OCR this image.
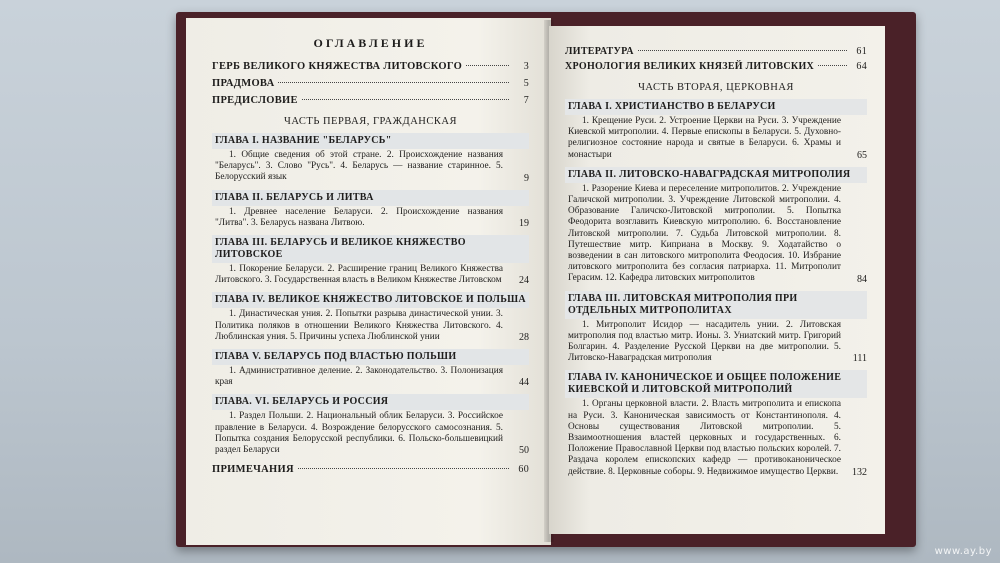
ОГЛАВЛЕНИЕ
ГЕРБ ВЕЛИКОГО КНЯЖЕСТВА ЛИТОВСКОГО	3
ПРАДМОВА	5
ПРЕДИСЛОВИЕ	7
ЧАСТЬ ПЕРВАЯ, ГРАЖДАНСКАЯ
ГЛАВА I. НАЗВАНИЕ "БЕЛАРУСЬ"
1. Общие сведения об этой стране. 2. Происхождение названия "Беларусь". 3. Слово "Русь". 4. Беларусь — название старинное. 5. Белорусский язык	9
ГЛАВА II. БЕЛАРУСЬ И ЛИТВА
1. Древнее население Беларуси. 2. Происхождение названия "Литва". 3. Беларусь названа Литвою.	19
ГЛАВА III. БЕЛАРУСЬ И ВЕЛИКОЕ КНЯЖЕСТВО ЛИТОВСКОЕ
1. Покорение Беларуси. 2. Расширение границ Великого Княжества Литовского. 3. Государственная власть в Великом Княжестве Литовском	24
ГЛАВА IV. ВЕЛИКОЕ КНЯЖЕСТВО ЛИТОВСКОЕ И ПОЛЬША
1. Династическая уния. 2. Попытки разрыва династической унии. 3. Политика поляков в отношении Великого Княжества Литовского. 4. Люблинская уния. 5. Причины успеха Люблинской унии	28
ГЛАВА V. БЕЛАРУСЬ ПОД ВЛАСТЬЮ ПОЛЬШИ
1. Административное деление. 2. Законодательство. 3. Полонизация края	44
ГЛАВА. VI. БЕЛАРУСЬ И РОССИЯ
1. Раздел Польши. 2. Национальный облик Беларуси. 3. Российское правление в Беларуси. 4. Возрождение белорусского самосознания. 5. Попытка создания Белорусской республики. 6. Польско-большевицкий раздел Беларуси	50
ПРИМЕЧАНИЯ	60
ЛИТЕРАТУРА	61
ХРОНОЛОГИЯ ВЕЛИКИХ КНЯЗЕЙ ЛИТОВСКИХ	64
ЧАСТЬ ВТОРАЯ, ЦЕРКОВНАЯ
ГЛАВА I. ХРИСТИАНСТВО В БЕЛАРУСИ
1. Крещение Руси. 2. Устроение Церкви на Руси. 3. Учреждение Киевской митрополии. 4. Первые епископы в Беларуси. 5. Духовно-религиозное состояние народа и святые в Беларуси. 6. Храмы и монастыри	65
ГЛАВА II. ЛИТОВСКО-НАВАГРАДСКАЯ МИТРОПОЛИЯ
1. Разорение Киева и переселение митрополитов. 2. Учреждение Галичской митрополии. 3. Учреждение Литовской митрополии. 4. Образование Галичско-Литовской митрополии. 5. Попытка Феодорита возглавить Киевскую митрополию. 6. Восстановление Литовской митрополии. 7. Судьба Литовской митрополии. 8. Путешествие митр. Киприана в Москву. 9. Ходатайство о возведении в сан литовского митрополита Феодосия. 10. Избрание литовского митрополита без согласия патриарха. 11. Митрополит Герасим. 12. Кафедра литовских митрополитов	84
ГЛАВА III. ЛИТОВСКАЯ МИТРОПОЛИЯ ПРИ ОТДЕЛЬНЫХ МИТРОПОЛИТАХ
1. Митрополит Исидор — насадитель унии. 2. Литовская митрополия под властью митр. Ионы. 3. Униатский митр. Григорий Болгарин. 4. Разделение Русской Церкви на две митрополии. 5. Литовско-Наваградская митрополия	111
ГЛАВА IV. КАНОНИЧЕСКОЕ И ОБЩЕЕ ПОЛОЖЕНИЕ КИЕВСКОЙ И ЛИТОВСКОЙ МИТРОПОЛИЙ
1. Органы церковной власти. 2. Власть митрополита и епископа на Руси. 3. Каноническая зависимость от Константинополя. 4. Основы существования Литовской митрополии. 5. Взаимоотношения властей церковных и государственных. 6. Положение Православной Церкви под властью польских королей. 7. Раздача королем епископских кафедр — противоканоническое действие. 8. Церковные соборы. 9. Недвижимое имущество Церкви.	132
www.ay.by
